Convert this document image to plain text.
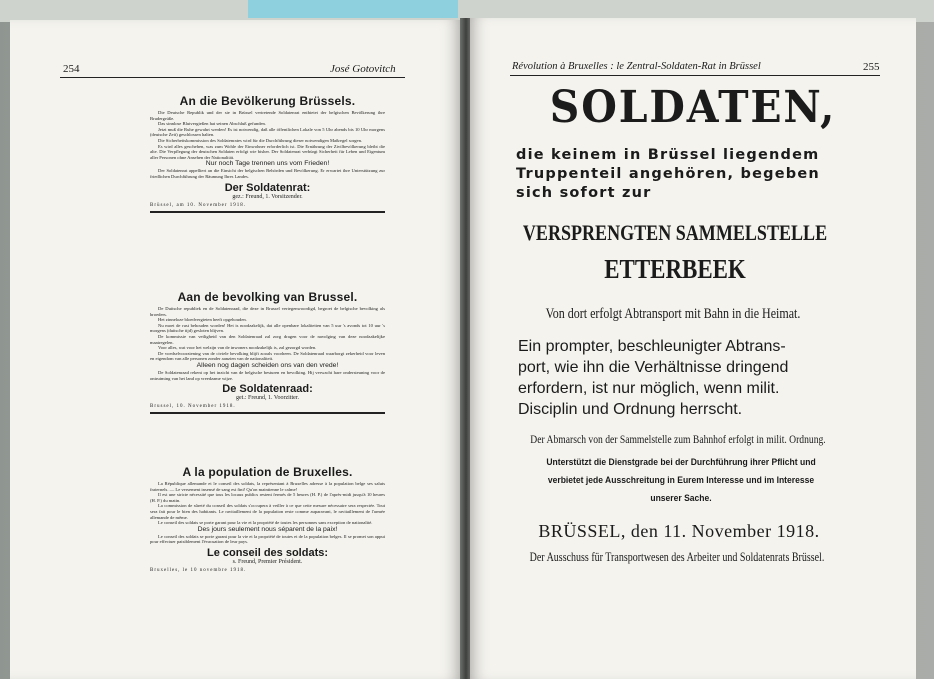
254	José Gotovitch
An die Bevölkerung Brüssels.

Die Deutsche Republik und der sie in Brüssel vertretende Soldatenrat entbietet der belgischen Bevölkerung ihre Brudergrüße.

Das sinnlose Blutvergießen hat seinen Abschluß gefunden.

Jetzt muß die Ruhe gewahrt werden! Es ist notwendig, daß alle öffentlichen Lokale von 5 Uhr abends bis 10 Uhr morgens (deutsche Zeit) geschlossen halten.

Die Sicherheitskommission des Soldatenrates wird für die Durchführung dieser notwendigen Maßregel sorgen.

Es wird alles geschehen, was zum Wohle der Einwohner erforderlich ist. Die Ernährung der Zivilbevölkerung bleibt die alte. Die Verpflegung der deutschen Soldaten erfolgt wie bisher. Der Soldatenrat verbürgt Sicherheit für Leben und Eigentum aller Personen ohne Ansehen der Nationalität.

Nur noch Tage trennen uns vom Frieden!

Der Soldatenrat appelliert an die Einsicht der belgischen Behörden und Bevölkerung. Er erwartet ihre Unterstützung zur friedlichen Durchführung der Räumung Ihres Landes.

Der Soldatenrat:
gez.: Freund, 1. Vorsitzender.
Brüssel, am 10. November 1918.
Aan de bevolking van Brussel.

De Duitsche republiek en de Soldatenraad, die deze in Brussel vertegenwoordigd, begroet de belgische bevolking als broeders.

Het zinneloze bloedvergieten heeft opgehouden.

Nu moet de rust behouden worden! Het is noodzakelijk, dat alle openbare lokaliteiten van 5 uur 's avonds tot 10 uur 's morgens (duitsche tijd) gesloten blijven.

De kommissie van veiligheid van den Soldatenraad zal zorg dragen voor de navolging van deze noodzakelijke maatregelen.

Voor alles, wat voor het welzijn van de inwoners noodzakelijk is, zal gezorgd worden.

De voedselvoorziening van de civiele bevolking blijft zooals voorheen. De Soldatenraad waarborgt zekerheid voor leven en eigendom van alle personen zonder aanzien van de nationaliteit.

Alleen nog dagen scheiden ons van den vrede!

De Soldatenraad rekent op het inzicht van de belgische besturen en bevolking. Hij verwacht hare ondersteuning voor de ontruiming van het land op vreedzame wijze.

De Soldatenraad:
get.: Freund, 1. Voorzitter.
Brussel, 10. November 1918.
A la population de Bruxelles.

La République allemande et le conseil des soldats, la représentant à Bruxelles adresse à la population belge ses saluts fraternels. — Le versement insensé de sang est fini! Qu'on maintienne le calme!

Il est une stricte nécessité que tous les locaux publics restent fermés de 5 heures (H. P.) de l'après-midi jusqu'à 10 heures (H. P.) du matin.

La commission de sûreté du conseil des soldats s'occupera à veiller à ce que cette mesure nécessaire sera respectée. Tout sera fait pour le bien des habitants. Le ravitaillement de la population reste comme auparavant, le ravitaillement de l'armée allemande de même.

Le conseil des soldats se porte garant pour la vie et la propriété de toutes les personnes sans exception de nationalité.

Des jours seulement nous séparent de la paix!

Le conseil des soldats se porte garant pour la vie et la propriété de toutes et de la population belges. Il se promet son appui pour effectuer paisiblement l'évacuation de leur pays.

Le conseil des soldats:
s. Freund, Premier Président.
Bruxelles, le 10 novembre 1918.
Révolution à Bruxelles : le Zentral-Soldaten-Rat in Brüssel	255
SOLDATEN,
die keinem in Brüssel liegendem
Truppenteil angehören, begeben
sich sofort zur
VERSPRENGTEN SAMMELSTELLE
ETTERBEEK
Von dort erfolgt Abtransport mit Bahn in die Heimat.
Ein prompter, beschleunigter Abtrans-
port, wie ihn die Verhältnisse dringend
erfordern, ist nur möglich, wenn milit.
Disciplin und Ordnung herrscht.
Der Abmarsch von der Sammelstelle zum Bahnhof erfolgt in milit. Ordnung.
Unterstützt die Dienstgrade bei der Durchführung ihrer Pflicht und
verbietet jede Ausschreitung in Eurem Interesse und im Interesse
unserer Sache.
BRÜSSEL, den 11. November 1918.
Der Ausschuss für Transportwesen des Arbeiter und Soldatenrats Brüssel.
